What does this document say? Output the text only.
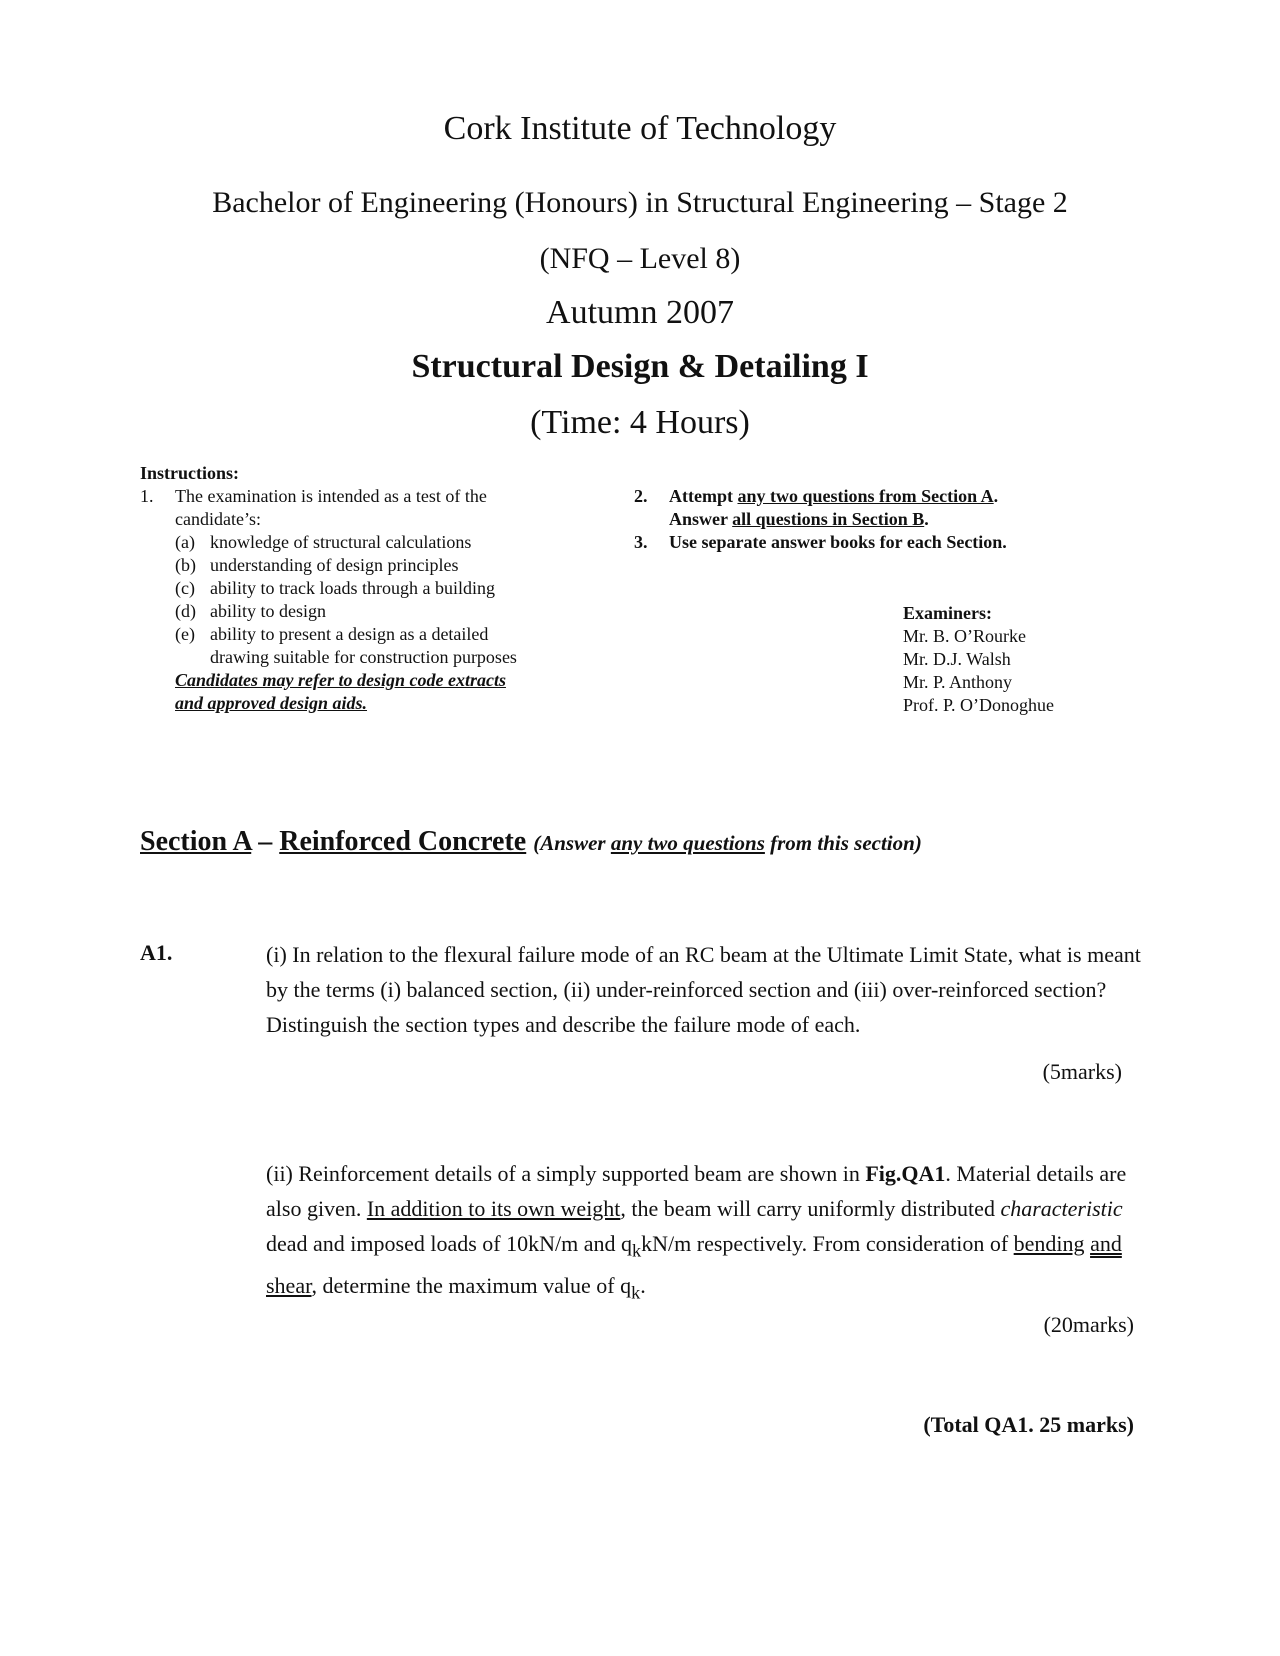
Cork Institute of Technology
Bachelor of Engineering (Honours) in Structural Engineering – Stage 2
(NFQ – Level 8)
Autumn 2007
Structural Design & Detailing I
(Time: 4 Hours)
Instructions:
1. The examination is intended as a test of the
candidate’s:
(a) knowledge of structural calculations
(b) understanding of design principles
(c) ability to track loads through a building
(d) ability to design
(e) ability to present a design as a detailed drawing suitable for construction purposes
Candidates may refer to design code extracts
and approved design aids.
2.	Attempt any two questions from Section A.
Answer all questions in Section B.
3.	Use separate answer books for each Section.
Examiners:
Mr. B. O’Rourke
Mr. D.J. Walsh
Mr. P. Anthony
Prof. P. O’Donoghue
Section A – Reinforced Concrete (Answer any two questions from this section)
A1.	(i) In relation to the flexural failure mode of an RC beam at the Ultimate Limit State, what is meant by the terms (i) balanced section, (ii) under-reinforced section and (iii) over-reinforced section? Distinguish the section types and describe the failure mode of each.
(5marks)
(ii) Reinforcement details of a simply supported beam are shown in Fig.QA1. Material details are also given. In addition to its own weight, the beam will carry uniformly distributed characteristic dead and imposed loads of 10kN/m and $q_kkN/m$ respectively. From consideration of bending and shear, determine the maximum value of $q_k$.
(20marks)
(Total QA1. 25 marks)
